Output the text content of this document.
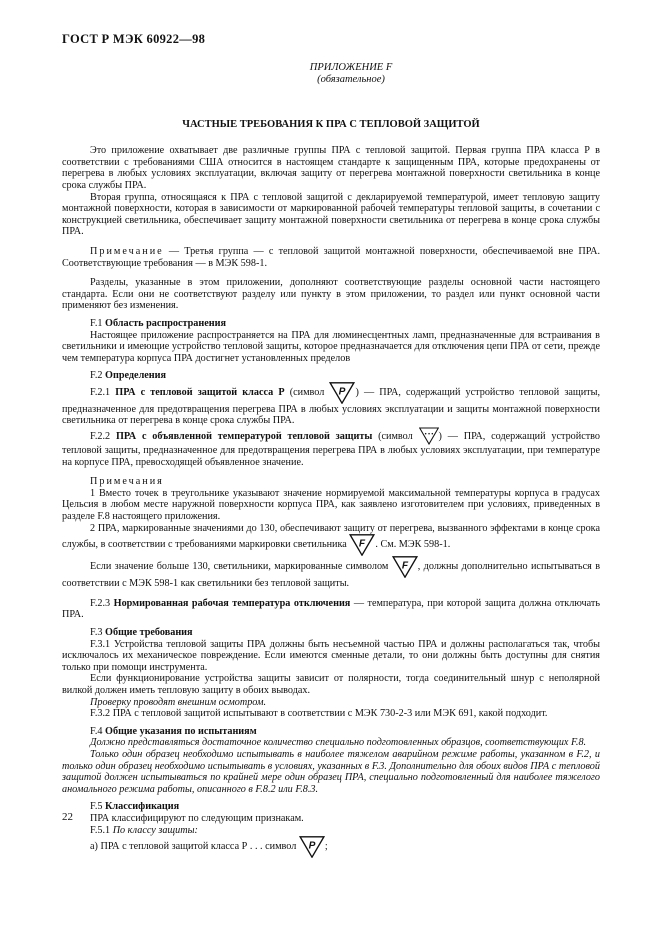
ГОСТ Р МЭК 60922—98
ПРИЛОЖЕНИЕ F
(обязательное)
ЧАСТНЫЕ ТРЕБОВАНИЯ К ПРА С ТЕПЛОВОЙ ЗАЩИТОЙ

Это приложение охватывает две различные группы ПРА с тепловой защитой. Первая группа ПРА класса Р в соответствии с требованиями США относится в настоящем стандарте к защищенным ПРА, которые предохранены от перегрева в любых условиях эксплуатации, включая защиту от перегрева монтажной поверхности светильника в конце срока службы ПРА.

Вторая группа, относящаяся к ПРА с тепловой защитой с декларируемой температурой, имеет тепловую защиту монтажной поверхности, которая в зависимости от маркированной рабочей температуры тепловой защиты, в сочетании с конструкцией светильника, обеспечивает защиту монтажной поверхности светильника от перегрева в конце срока службы ПРА.

Примечание — Третья группа — с тепловой защитой монтажной поверхности, обеспечиваемой вне ПРА. Соответствующие требования — в МЭК 598-1.

Разделы, указанные в этом приложении, дополняют соответствующие разделы основной части настоящего стандарта. Если они не соответствуют разделу или пункту в этом приложении, то раздел или пункт основной части применяют без изменения.

F.1 Область распространения

Настоящее приложение распространяется на ПРА для люминесцентных ламп, предназначенные для встраивания в светильники и имеющие устройство тепловой защиты, которое предназначается для отключения цепи ПРА от сети, прежде чем температура корпуса ПРА достигнет установленных пределов

F.2 Определения

F.2.1 ПРА с тепловой защитой класса Р (символ P ) — ПРА, содержащий устройство тепловой защиты, предназначенное для предотвращения перегрева ПРА в любых условиях эксплуатации и защиты монтажной поверхности светильника от перегрева в конце срока службы ПРА.

F.2.2 ПРА с объявленной температурой тепловой защиты (символ • • • ) — ПРА, содержащий устройство тепловой защиты, предназначенное для предотвращения перегрева ПРА в любых условиях эксплуатации, при температуре на корпусе ПРА, превосходящей объявленное значение.

Примечания

1 Вместо точек в треугольнике указывают значение нормируемой максимальной температуры корпуса в градусах Цельсия в любом месте наружной поверхности корпуса ПРА, как заявлено изготовителем при условиях, приведенных в разделе F.8 настоящего приложения.

2 ПРА, маркированные значениями до 130, обеспечивают защиту от перегрева, вызванного эффектами в конце срока службы, в соответствии с требованиями маркировки светильника F . См. МЭК 598-1.

Если значение больше 130, светильники, маркированные символом F , должны дополнительно испытываться в соответствии с МЭК 598-1 как светильники без тепловой защиты.

F.2.3 Нормированная рабочая температура отключения — температура, при которой защита должна отключать ПРА.

F.3 Общие требования

F.3.1 Устройства тепловой защиты ПРА должны быть несъемной частью ПРА и должны располагаться так, чтобы исключалось их механическое повреждение. Если имеются сменные детали, то они должны быть доступны для снятия только при помощи инструмента.

Если функционирование устройства защиты зависит от полярности, тогда соединительный шнур с неполярной вилкой должен иметь тепловую защиту в обоих выводах.

Проверку проводят внешним осмотром.

F.3.2 ПРА с тепловой защитой испытывают в соответствии с МЭК 730-2-3 или МЭК 691, какой подходит.

F.4 Общие указания по испытаниям

Должно представляться достаточное количество специально подготовленных образцов, соответствующих F.8.

Только один образец необходимо испытывать в наиболее тяжелом аварийном режиме работы, указанном в F.2, и только один образец необходимо испытывать в условиях, указанных в F.3. Дополнительно для обоих видов ПРА с тепловой защитой должен испытываться по крайней мере один образец ПРА, специально подготовленный для наиболее тяжелого аномального режима работы, описанного в F.8.2 или F.8.3.

F.5 Классификация

ПРА классифицируют по следующим признакам.

F.5.1 По классу защиты:

а) ПРА с тепловой защитой класса Р . . . символ P ;

22
